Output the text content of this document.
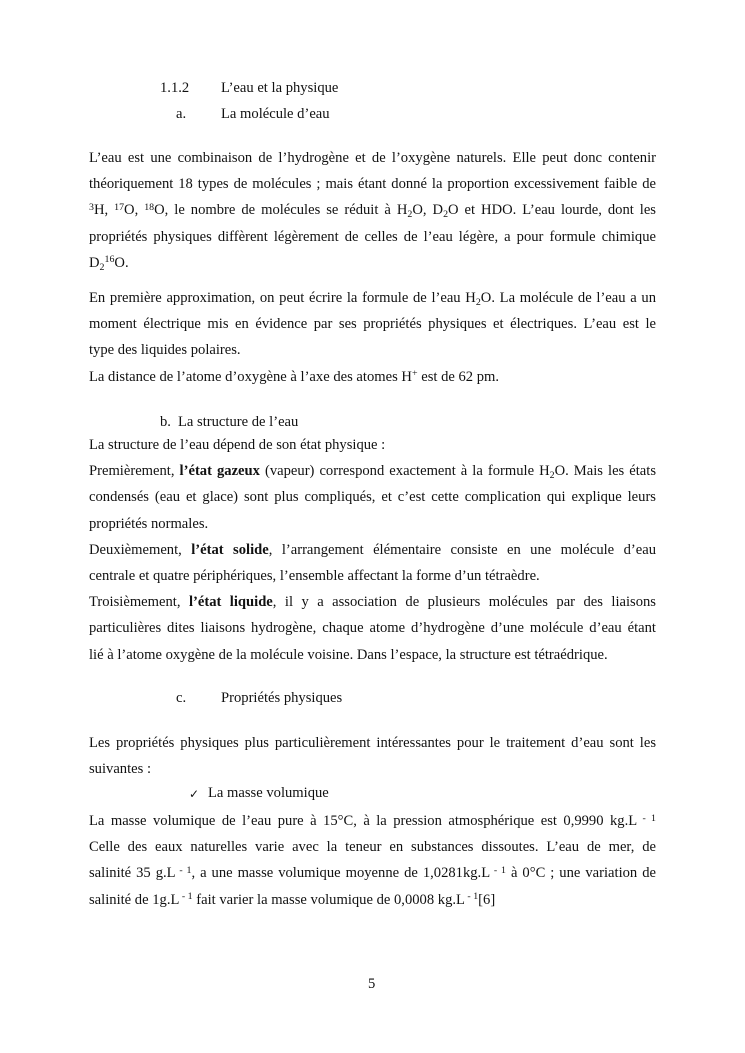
1.1.2 L’eau et la physique
a. La molécule d’eau
L’eau est une combinaison de l’hydrogène et de l’oxygène naturels. Elle peut donc contenir
théoriquement 18 types de molécules ; mais étant donné la proportion excessivement faible de
$^3$H, $^{17}$O, $^{18}$O, le nombre de molécules se réduit à $H_2O$, $D_2O$ et HDO. L’eau lourde, dont les
propriétés physiques diffèrent légèrement de celles de l’eau légère, a pour formule chimique
$D_2^{16}O$.
En première approximation, on peut écrire la formule de l’eau $H_2O$. La molécule de l’eau a un
moment électrique mis en évidence par ses propriétés physiques et électriques. L’eau est le
type des liquides polaires.
La distance de l’atome d’oxygène à l’axe des atomes H+ est de 62 pm.
b. La structure de l’eau
La structure de l’eau dépend de son état physique :
Premièrement, l’état gazeux (vapeur) correspond exactement à la formule $H_2O$. Mais les états
condensés (eau et glace) sont plus compliqués, et c’est cette complication qui explique leurs
propriétés normales.
Deuxièmement, l’état solide, l’arrangement élémentaire consiste en une molécule d’eau
centrale et quatre périphériques, l’ensemble affectant la forme d’un tétraèdre.
Troisièmement, l’état liquide, il y a association de plusieurs molécules par des liaisons
particulières dites liaisons hydrogène, chaque atome d’hydrogène d’une molécule d’eau étant
lié à l’atome oxygène de la molécule voisine. Dans l’espace, la structure est tétraédrique.
c. Propriétés physiques
Les propriétés physiques plus particulièrement intéressantes pour le traitement d’eau sont les
suivantes :
✓ La masse volumique
La masse volumique de l’eau pure à 15°C, à la pression atmosphérique est 0,9990 kg.L $^{- 1}$
Celle des eaux naturelles varie avec la teneur en substances dissoutes. L’eau de mer, de
salinité 35 g.L $^{- 1}$, a une masse volumique moyenne de 1,0281kg.L $^{- 1}$ à 0°C ; une variation de
salinité de 1g.L $^{- 1}$ fait varier la masse volumique de 0,0008 kg.L $^{- 1}$[6]
5
